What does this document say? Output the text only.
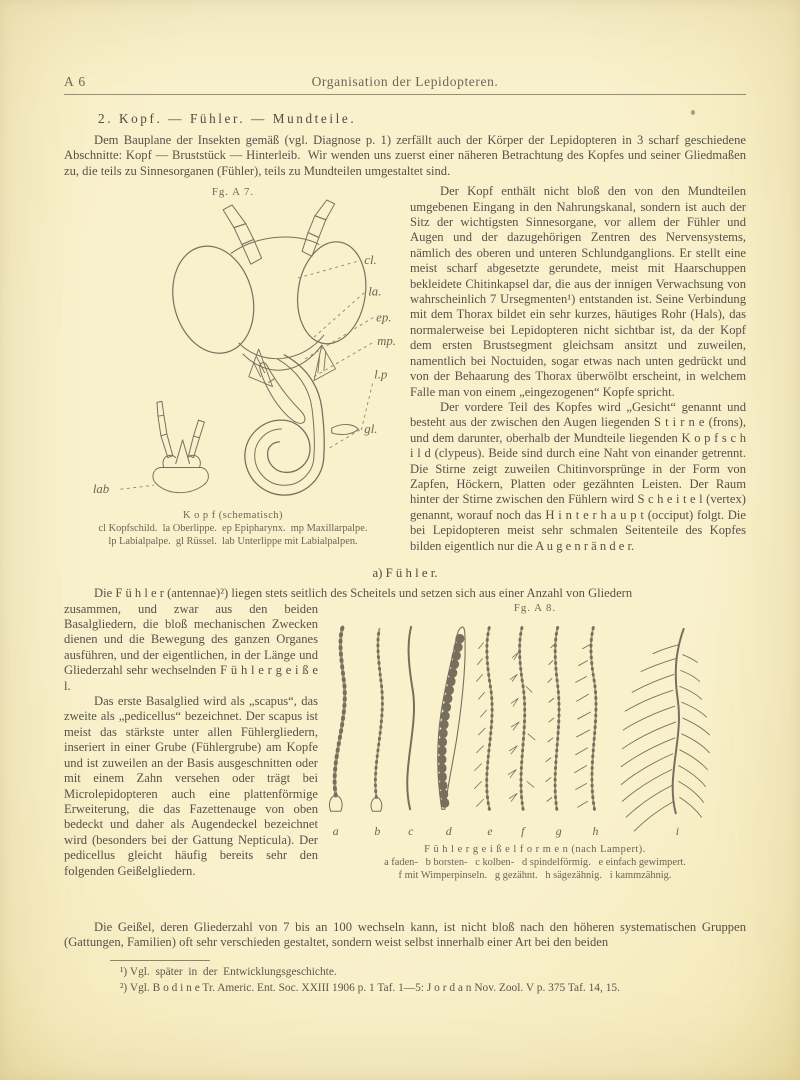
A 6	Organisation der Lepidopteren.
2. Kopf. — Fühler. — Mundteile.

Dem Bauplane der Insekten gemäß (vgl. Diagnose p. 1) zerfällt auch der Körper der Lepidopteren in 3 scharf geschiedene Abschnitte: Kopf — Bruststück — Hinterleib.  Wir wenden uns zuerst einer näheren Betrachtung des Kopfes und seiner Gliedmaßen zu, die teils zu Sinnesorganen (Fühler), teils zu Mundteilen umgestaltet sind.

Fg. A 7.
cl.
la.
ep.
mp.
l.p
gl.
lab
K o p f (schematisch)
cl Kopfschild.  la Oberlippe.  ep Epipharynx.  mp Maxillarpalpe.
lp Labialpalpe.  gl Rüssel.  lab Unterlippe mit Labialpalpen.

Der Kopf enthält nicht bloß den von den Mundteilen umgebenen Eingang in den Nahrungskanal, sondern ist auch der Sitz der wichtigsten Sinnesorgane, vor allem der Fühler und Augen und der dazugehörigen Zentren des Nervensystems, nämlich des oberen und unteren Schlundganglions. Er stellt eine meist scharf abgesetzte gerundete, meist mit Haarschuppen bekleidete Chitinkapsel dar, die aus der innigen Verwachsung von wahrscheinlich 7 Ursegmenten¹) entstanden ist. Seine Verbindung mit dem Thorax bildet ein sehr kurzes, häutiges Rohr (Hals), das normalerweise bei Lepidopteren nicht sichtbar ist, da der Kopf dem ersten Brustsegment gleichsam ansitzt und zuweilen, namentlich bei Noctuiden, sogar etwas nach unten gedrückt und von der Behaarung des Thorax überwölbt erscheint, in welchem Falle man von einem „eingezogenen“ Kopfe spricht.

Der vordere Teil des Kopfes wird „Gesicht“ genannt und besteht aus der zwischen den Augen liegenden S t i r n e (frons), und dem darunter, oberhalb der Mundteile liegenden K o p f s c h i l d (clypeus). Beide sind durch eine Naht von einander getrennt. Die Stirne zeigt zuweilen Chitinvorsprünge in der Form von Zapfen, Höckern, Platten oder gezähnten Leisten. Der Raum hinter der Stirne zwischen den Fühlern wird S c h e i t e l (vertex) genannt, worauf noch das H i n t e r h a u p t (occiput) folgt. Die bei Lepidopteren meist sehr schmalen Seitenteile des Kopfes bilden eigentlich nur die A u g e n r ä n d e r.

a) F ü h l e r.

Die F ü h l e r (antennae)²) liegen stets seitlich des Scheitels und setzen sich aus einer Anzahl von Gliedern

Fg. A 8.
a	b c	d	e f	g	h	i
F ü h l e r g e i ß e l f o r m e n (nach Lampert).
a faden-   b borsten-   c kolben-   d spindelförmig.   e einfach gewimpert.
f mit Wimperpinseln.   g gezähnt.   h sägezähnig.   i kammzähnig.

zusammen, und zwar aus den beiden Basalgliedern, die bloß mechanischen Zwecken dienen und die Bewegung des ganzen Organes ausführen, und der eigentlichen, in der Länge und Gliederzahl sehr wechselnden F ü h l e r g e i ß e l.

Das erste Basalglied wird als „scapus“, das zweite als „pedicellus“ bezeichnet. Der scapus ist meist das stärkste unter allen Fühlergliedern, inseriert in einer Grube (Fühlergrube) am Kopfe und ist zuweilen an der Basis ausgeschnitten oder mit einem Zahn versehen oder trägt bei Microlepidopteren auch eine plattenförmige Erweiterung, die das Fazettenauge von oben bedeckt und daher als Augendeckel bezeichnet wird (besonders bei der Gattung Nepticula). Der pedicellus gleicht häufig bereits sehr den folgenden Geißelgliedern.

Die Geißel, deren Gliederzahl von 7 bis an 100 wechseln kann, ist nicht bloß nach den höheren systematischen Gruppen (Gattungen, Familien) oft sehr verschieden gestaltet, sondern weist selbst innerhalb einer Art bei den beiden

¹) Vgl.  später  in  der  Entwicklungsgeschichte.

²) Vgl. B o d i n e Tr. Americ. Ent. Soc. XXIII 1906 p. 1 Taf. 1—5: J o r d a n Nov. Zool. V p. 375 Taf. 14, 15.
